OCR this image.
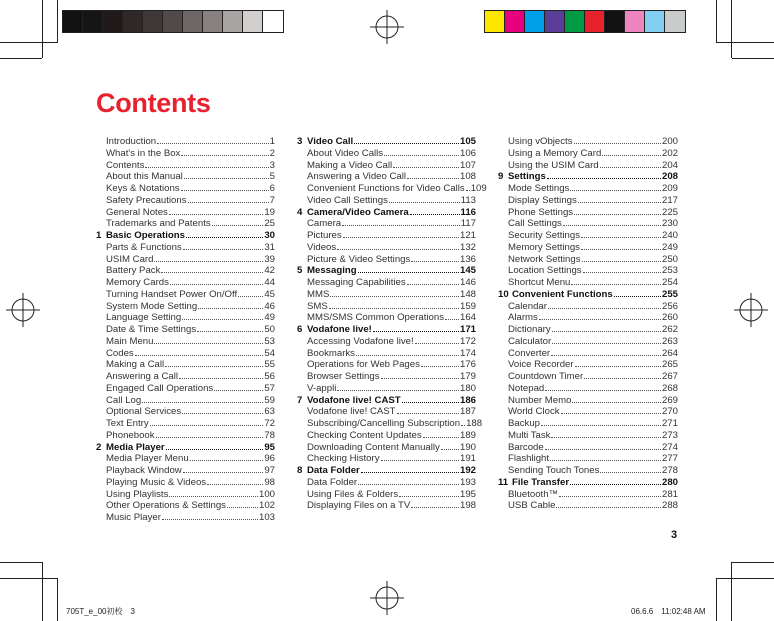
Contents
Introduction	1
What's in the Box	2
Contents	3
About this Manual	5
Keys & Notations	6
Safety Precautions	7
General Notes	19
Trademarks and Patents	25
1 Basic Operations	30
Parts & Functions	31
USIM Card	39
Battery Pack	42
Memory Cards	44
Turning Handset Power On/Off	45
System Mode Setting	46
Language Setting	49
Date & Time Settings	50
Main Menu	53
Codes	54
Making a Call	55
Answering a Call	56
Engaged Call Operations	57
Call Log	59
Optional Services	63
Text Entry	72
Phonebook	78
2 Media Player	95
Media Player Menu	96
Playback Window	97
Playing Music & Videos	98
Using Playlists	100
Other Operations & Settings	102
Music Player	103
3 Video Call	105
About Video Calls	106
Making a Video Call	107
Answering a Video Call	108
Convenient Functions for Video Calls 109
Video Call Settings	113
4 Camera/Video Camera	116
Camera	117
Pictures	121
Videos	132
Picture & Video Settings	136
5 Messaging	145
Messaging Capabilities	146
MMS	148
SMS	159
MMS/SMS Common Operations 164
6 Vodafone live!	171
Accessing Vodafone live!	172
Bookmarks	174
Operations for Web Pages	176
Browser Settings	179
V-appli	180
7 Vodafone live! CAST	186
Vodafone live! CAST	187
Subscribing/Cancelling Subscription 188
Checking Content Updates	189
Downloading Content Manually 190
Checking History	191
8 Data Folder	192
Data Folder	193
Using Files & Folders	195
Displaying Files on a TV	198
Using vObjects	200
Using a Memory Card	202
Using the USIM Card	204
9 Settings	208
Mode Settings	209
Display Settings	217
Phone Settings	225
Call Settings	230
Security Settings	240
Memory Settings	249
Network Settings	250
Location Settings	253
Shortcut Menu	254
10 Convenient Functions	255
Calendar	256
Alarms	260
Dictionary	262
Calculator	263
Converter	264
Voice Recorder	265
Countdown Timer	267
Notepad	268
Number Memo	269
World Clock	270
Backup	271
Multi Task	273
Barcode	274
Flashlight	277
Sending Touch Tones	278
11 File Transfer	280
Bluetooth™	281
USB Cable	288
3
705T_e_00初校　3	06.6.6　11:02:48 AM
